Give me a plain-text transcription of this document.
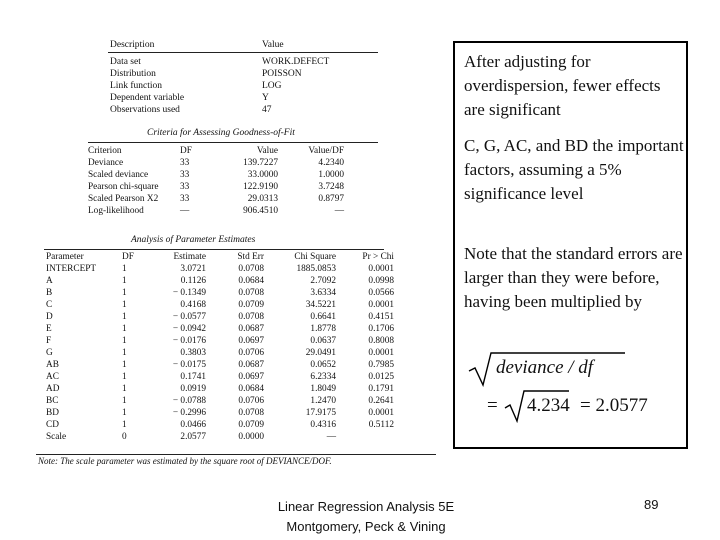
Description	Value
Data set	WORK.DEFECT
Distribution	POISSON
Link function	LOG
Dependent variable	Y
Observations used	47
Criteria for Assessing Goodness-of-Fit
Criterion	DF	Value	Value/DF
Deviance	33	139.7227	4.2340
Scaled deviance	33	33.0000	1.0000
Pearson chi-square	33	122.9190	3.7248
Scaled Pearson X2	33	29.0313	0.8797
Log-likelihood	—	906.4510	—
Analysis of Parameter Estimates
Parameter	DF	Estimate	Std Err	Chi Square	Pr > Chi
INTERCEPT	1	3.0721	0.0708	1885.0853	0.0001
A	1	0.1126	0.0684	2.7092	0.0998
B	1	− 0.1349	0.0708	3.6334	0.0566
C	1	0.4168	0.0709	34.5221	0.0001
D	1	− 0.0577	0.0708	0.6641	0.4151
E	1	− 0.0942	0.0687	1.8778	0.1706
F	1	− 0.0176	0.0697	0.0637	0.8008
G	1	0.3803	0.0706	29.0491	0.0001
AB	1	− 0.0175	0.0687	0.0652	0.7985
AC	1	0.1741	0.0697	6.2334	0.0125
AD	1	0.0919	0.0684	1.8049	0.1791
BC	1	− 0.0788	0.0706	1.2470	0.2641
BD	1	− 0.2996	0.0708	17.9175	0.0001
CD	1	0.0466	0.0709	0.4316	0.5112
Scale	0	2.0577	0.0000	—	
Note: The scale parameter was estimated by the square root of DEVIANCE/DOF.

After adjusting for overdispersion, fewer effects are significant

C, G, AC, and BD the important factors, assuming a 5% significance level

Note that the standard errors are larger than they were before, having been multiplied by

deviance / df
= 4.234 = 2.0577
Linear Regression Analysis 5E
Montgomery, Peck & Vining
89
